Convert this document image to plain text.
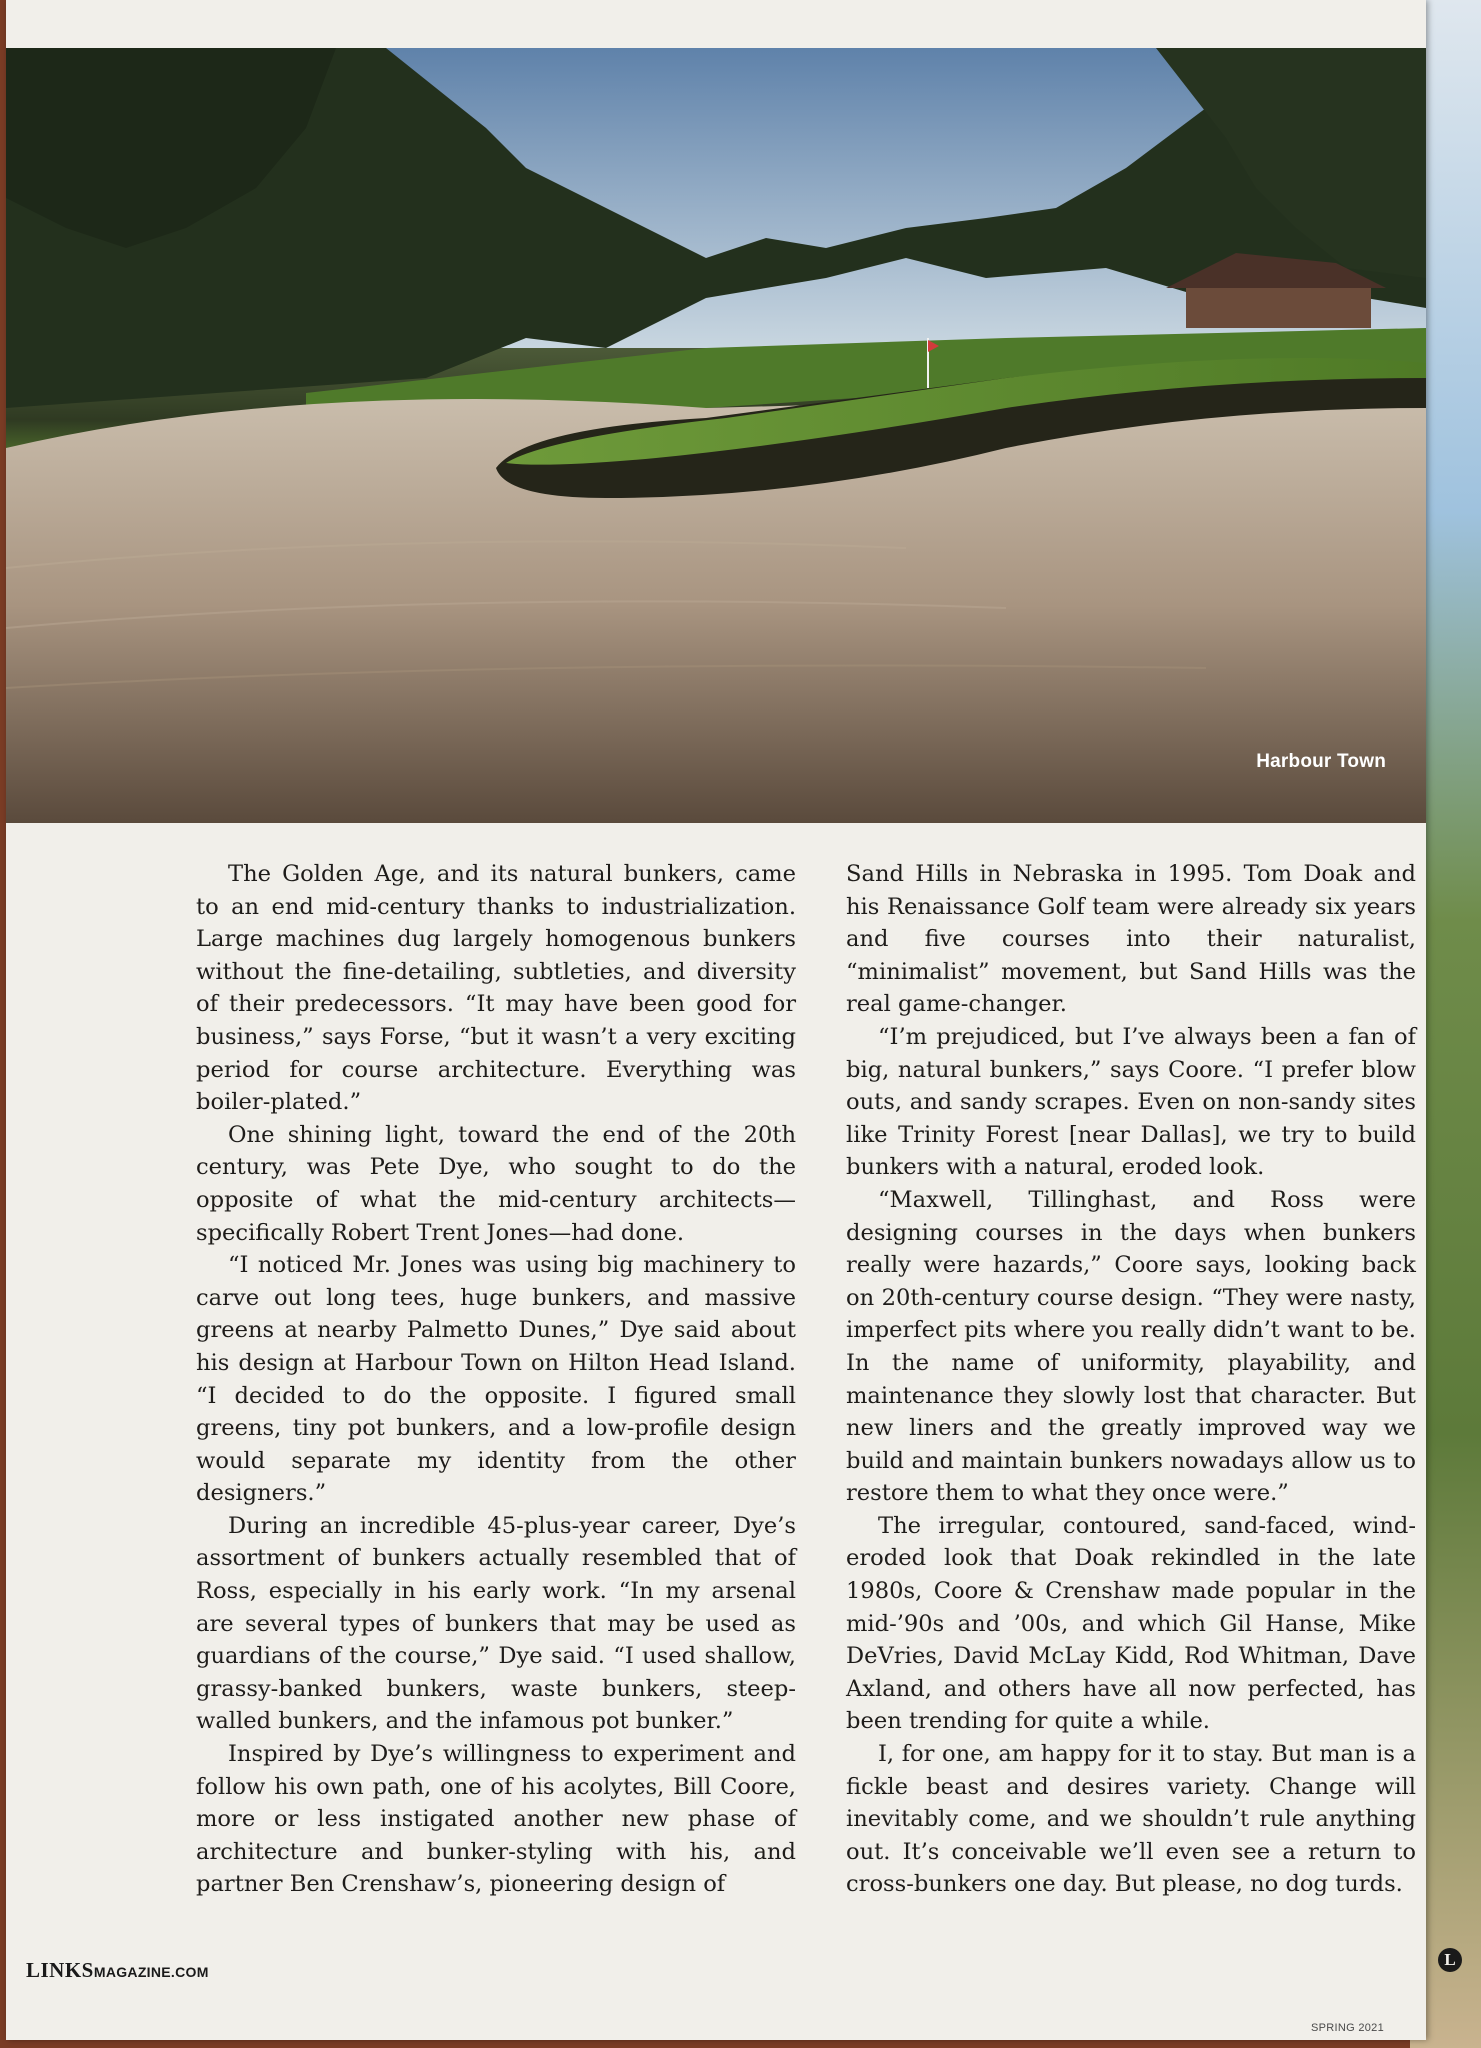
Harbour Town

The Golden Age, and its natural bunkers, came to an end mid-century thanks to industrialization. Large machines dug largely homogenous bunkers without the fine-detailing, subtleties, and diversity of their predecessors. “It may have been good for business,” says Forse, “but it wasn’t a very exciting period for course architecture. Everything was boiler-plated.”

One shining light, toward the end of the 20th century, was Pete Dye, who sought to do the opposite of what the mid-century architects—specifically Robert Trent Jones—had done.

“I noticed Mr. Jones was using big machinery to carve out long tees, huge bunkers, and massive greens at nearby Palmetto Dunes,” Dye said about his design at Harbour Town on Hilton Head Island. “I decided to do the opposite. I figured small greens, tiny pot bunkers, and a low-profile design would separate my identity from the other designers.”

During an incredible 45-plus-year career, Dye’s assortment of bunkers actually resembled that of Ross, especially in his early work. “In my arsenal are several types of bunkers that may be used as guardians of the course,” Dye said. “I used shallow, grassy-banked bunkers, waste bunkers, steep-walled bunkers, and the infamous pot bunker.”

Inspired by Dye’s willingness to experiment and follow his own path, one of his acolytes, Bill Coore, more or less instigated another new phase of architecture and bunker-styling with his, and partner Ben Crenshaw’s, pioneering design of

Sand Hills in Nebraska in 1995. Tom Doak and his Renaissance Golf team were already six years and five courses into their naturalist, “minimalist” movement, but Sand Hills was the real game-changer.

“I’m prejudiced, but I’ve always been a fan of big, natural bunkers,” says Coore. “I prefer blow outs, and sandy scrapes. Even on non-sandy sites like Trinity Forest [near Dallas], we try to build bunkers with a natural, eroded look.

“Maxwell, Tillinghast, and Ross were designing courses in the days when bunkers really were hazards,” Coore says, looking back on 20th-century course design. “They were nasty, imperfect pits where you really didn’t want to be. In the name of uniformity, playability, and maintenance they slowly lost that character. But new liners and the greatly improved way we build and maintain bunkers nowadays allow us to restore them to what they once were.”

The irregular, contoured, sand-faced, wind-eroded look that Doak rekindled in the late 1980s, Coore & Crenshaw made popular in the mid-’90s and ’00s, and which Gil Hanse, Mike DeVries, David McLay Kidd, Rod Whitman, Dave Axland, and others have all now perfected, has been trending for quite a while.

I, for one, am happy for it to stay. But man is a fickle beast and desires variety. Change will inevitably come, and we shouldn’t rule anything out. It’s conceivable we’ll even see a return to cross-bunkers one day. But please, no dog turds.

LINKSMAGAZINE.COM
L
SPRING 2021
